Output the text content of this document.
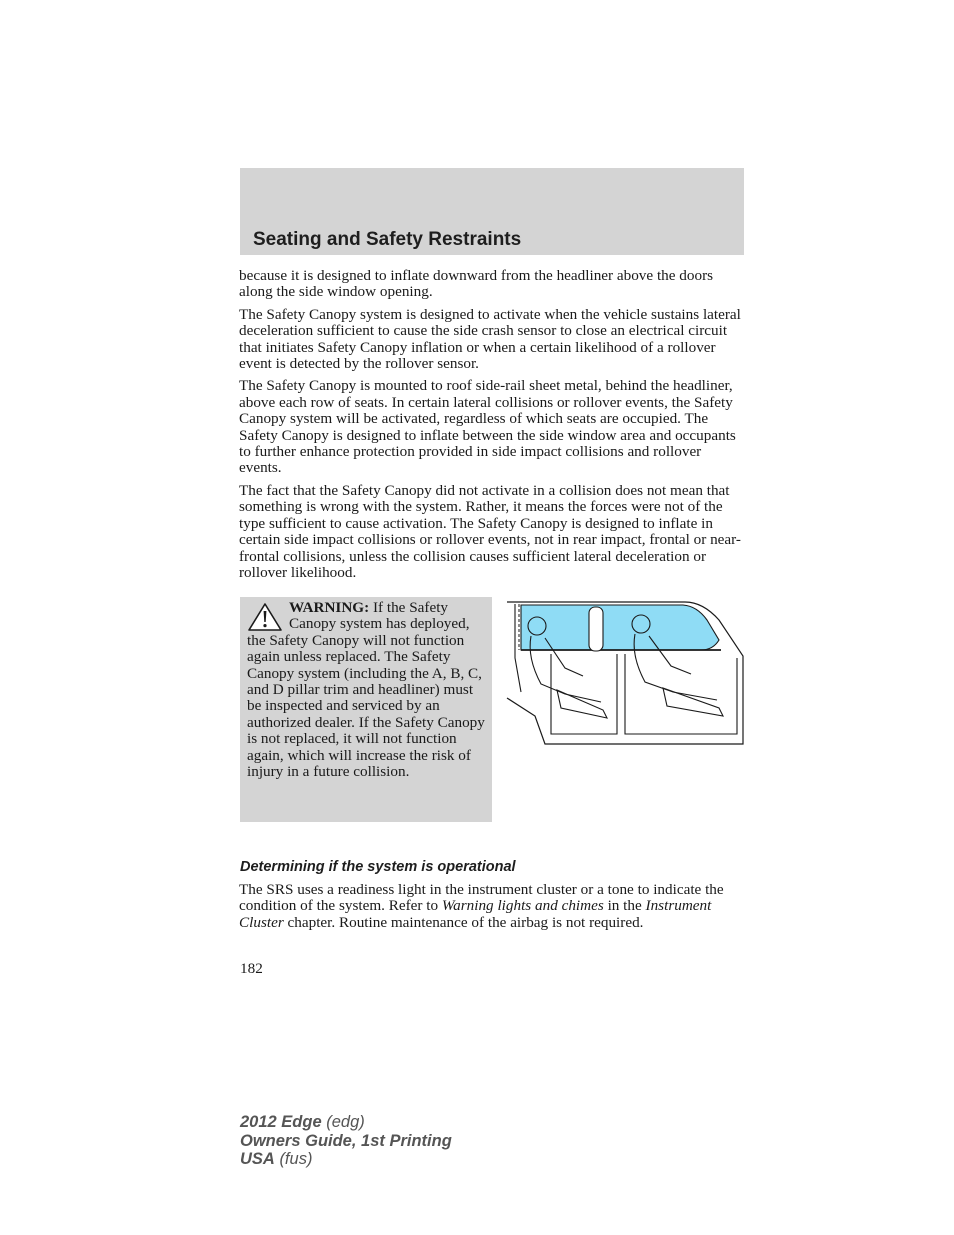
Seating and Safety Restraints

because it is designed to inflate downward from the headliner above the doors along the side window opening.

The Safety Canopy system is designed to activate when the vehicle sustains lateral deceleration sufficient to cause the side crash sensor to close an electrical circuit that initiates Safety Canopy inflation or when a certain likelihood of a rollover event is detected by the rollover sensor.

The Safety Canopy is mounted to roof side-rail sheet metal, behind the headliner, above each row of seats. In certain lateral collisions or rollover events, the Safety Canopy system will be activated, regardless of which seats are occupied. The Safety Canopy is designed to inflate between the side window area and occupants to further enhance protection provided in side impact collisions and rollover events.

The fact that the Safety Canopy did not activate in a collision does not mean that something is wrong with the system. Rather, it means the forces were not of the type sufficient to cause activation. The Safety Canopy is designed to inflate in certain side impact collisions or rollover events, not in rear impact, frontal or near-frontal collisions, unless the collision causes sufficient lateral deceleration or rollover likelihood.

WARNING: If the Safety Canopy system has deployed, the Safety Canopy will not function again unless replaced. The Safety Canopy system (including the A, B, C, and D pillar trim and headliner) must be inspected and serviced by an authorized dealer. If the Safety Canopy is not replaced, it will not function again, which will increase the risk of injury in a future collision.
Determining if the system is operational

The SRS uses a readiness light in the instrument cluster or a tone to indicate the condition of the system. Refer to Warning lights and chimes in the Instrument Cluster chapter. Routine maintenance of the airbag is not required.

182
2012 Edge (edg)
Owners Guide, 1st Printing
USA (fus)
